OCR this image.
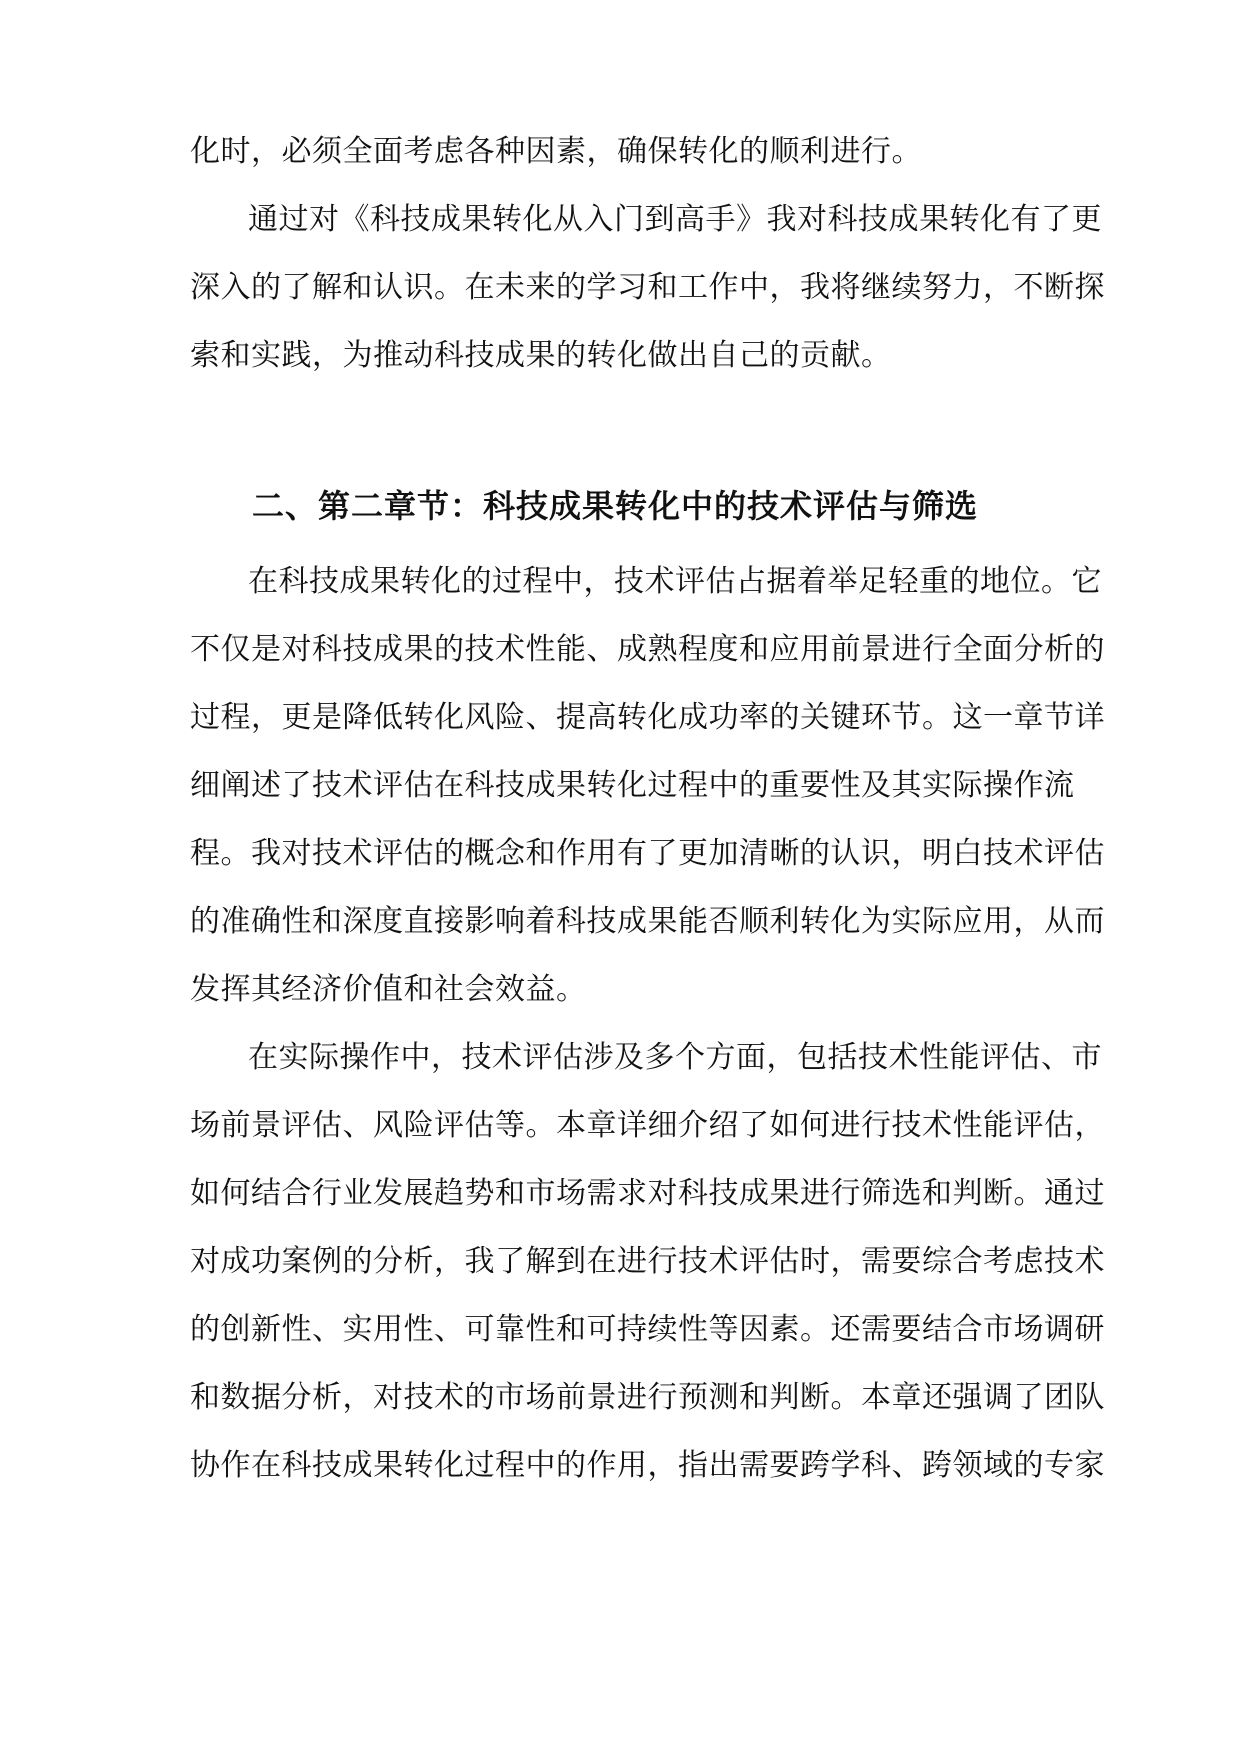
化时，必须全面考虑各种因素，确保转化的顺利进行。
通过对《科技成果转化从入门到高手》我对科技成果转化有了更
深入的了解和认识。在未来的学习和工作中，我将继续努力，不断探
索和实践，为推动科技成果的转化做出自己的贡献。
二、第二章节：科技成果转化中的技术评估与筛选
在科技成果转化的过程中，技术评估占据着举足轻重的地位。它
不仅是对科技成果的技术性能、成熟程度和应用前景进行全面分析的
过程，更是降低转化风险、提高转化成功率的关键环节。这一章节详
细阐述了技术评估在科技成果转化过程中的重要性及其实际操作流
程。我对技术评估的概念和作用有了更加清晰的认识，明白技术评估
的准确性和深度直接影响着科技成果能否顺利转化为实际应用，从而
发挥其经济价值和社会效益。
在实际操作中，技术评估涉及多个方面，包括技术性能评估、市
场前景评估、风险评估等。本章详细介绍了如何进行技术性能评估，
如何结合行业发展趋势和市场需求对科技成果进行筛选和判断。通过
对成功案例的分析，我了解到在进行技术评估时，需要综合考虑技术
的创新性、实用性、可靠性和可持续性等因素。还需要结合市场调研
和数据分析，对技术的市场前景进行预测和判断。本章还强调了团队
协作在科技成果转化过程中的作用，指出需要跨学科、跨领域的专家
